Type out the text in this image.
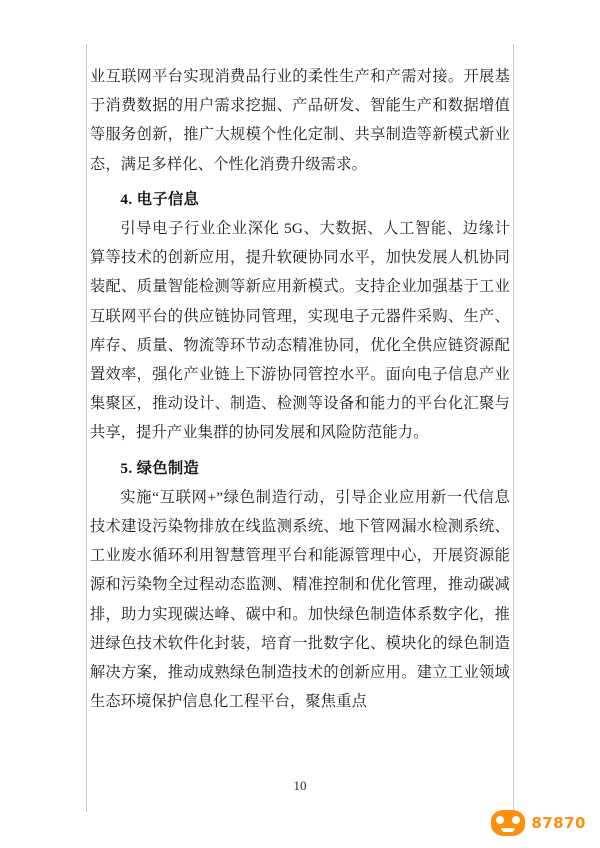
业互联网平台实现消费品行业的柔性生产和产需对接。开展基于消费数据的用户需求挖掘、产品研发、智能生产和数据增值等服务创新，推广大规模个性化定制、共享制造等新模式新业态，满足多样化、个性化消费升级需求。

4. 电子信息

引导电子行业企业深化 5G、大数据、人工智能、边缘计算等技术的创新应用，提升软硬协同水平，加快发展人机协同装配、质量智能检测等新应用新模式。支持企业加强基于工业互联网平台的供应链协同管理，实现电子元器件采购、生产、库存、质量、物流等环节动态精准协同，优化全供应链资源配置效率，强化产业链上下游协同管控水平。面向电子信息产业集聚区，推动设计、制造、检测等设备和能力的平台化汇聚与共享，提升产业集群的协同发展和风险防范能力。

5. 绿色制造

实施“互联网+”绿色制造行动，引导企业应用新一代信息技术建设污染物排放在线监测系统、地下管网漏水检测系统、工业废水循环利用智慧管理平台和能源管理中心，开展资源能源和污染物全过程动态监测、精准控制和优化管理，推动碳减排，助力实现碳达峰、碳中和。加快绿色制造体系数字化，推进绿色技术软件化封装，培育一批数字化、模块化的绿色制造解决方案，推动成熟绿色制造技术的创新应用。建立工业领域生态环境保护信息化工程平台，聚焦重点

10
87870
